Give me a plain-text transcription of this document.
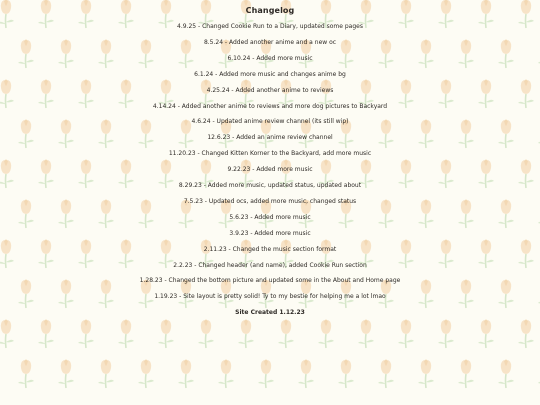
Changelog
4.9.25 - Changed Cookie Run to a Diary, updated some pages
8.5.24 - Added another anime and a new oc
6.10.24 - Added more music
6.1.24 - Added more music and changes anime bg
4.25.24 - Added another anime to reviews
4.14.24 - Added another anime to reviews and more dog pictures to Backyard
4.6.24 - Updated anime review channel (its still wip)
12.6.23 - Added an anime review channel
11.20.23 - Changed Kitten Korner to the Backyard, add more music
9.22.23 - Added more music
8.29.23 - Added more music, updated status, updated about
7.5.23 - Updated ocs, added more music, changed status
5.6.23 - Added more music
3.9.23 - Added more music
2.11.23 - Changed the music section format
2.2.23 - Changed header (and name), added Cookie Run section
1.28.23 - Changed the bottom picture and updated some in the About and Home page
1.19.23 - Site layout is pretty solid! Ty to my bestie for helping me a lot lmao
Site Created 1.12.23
